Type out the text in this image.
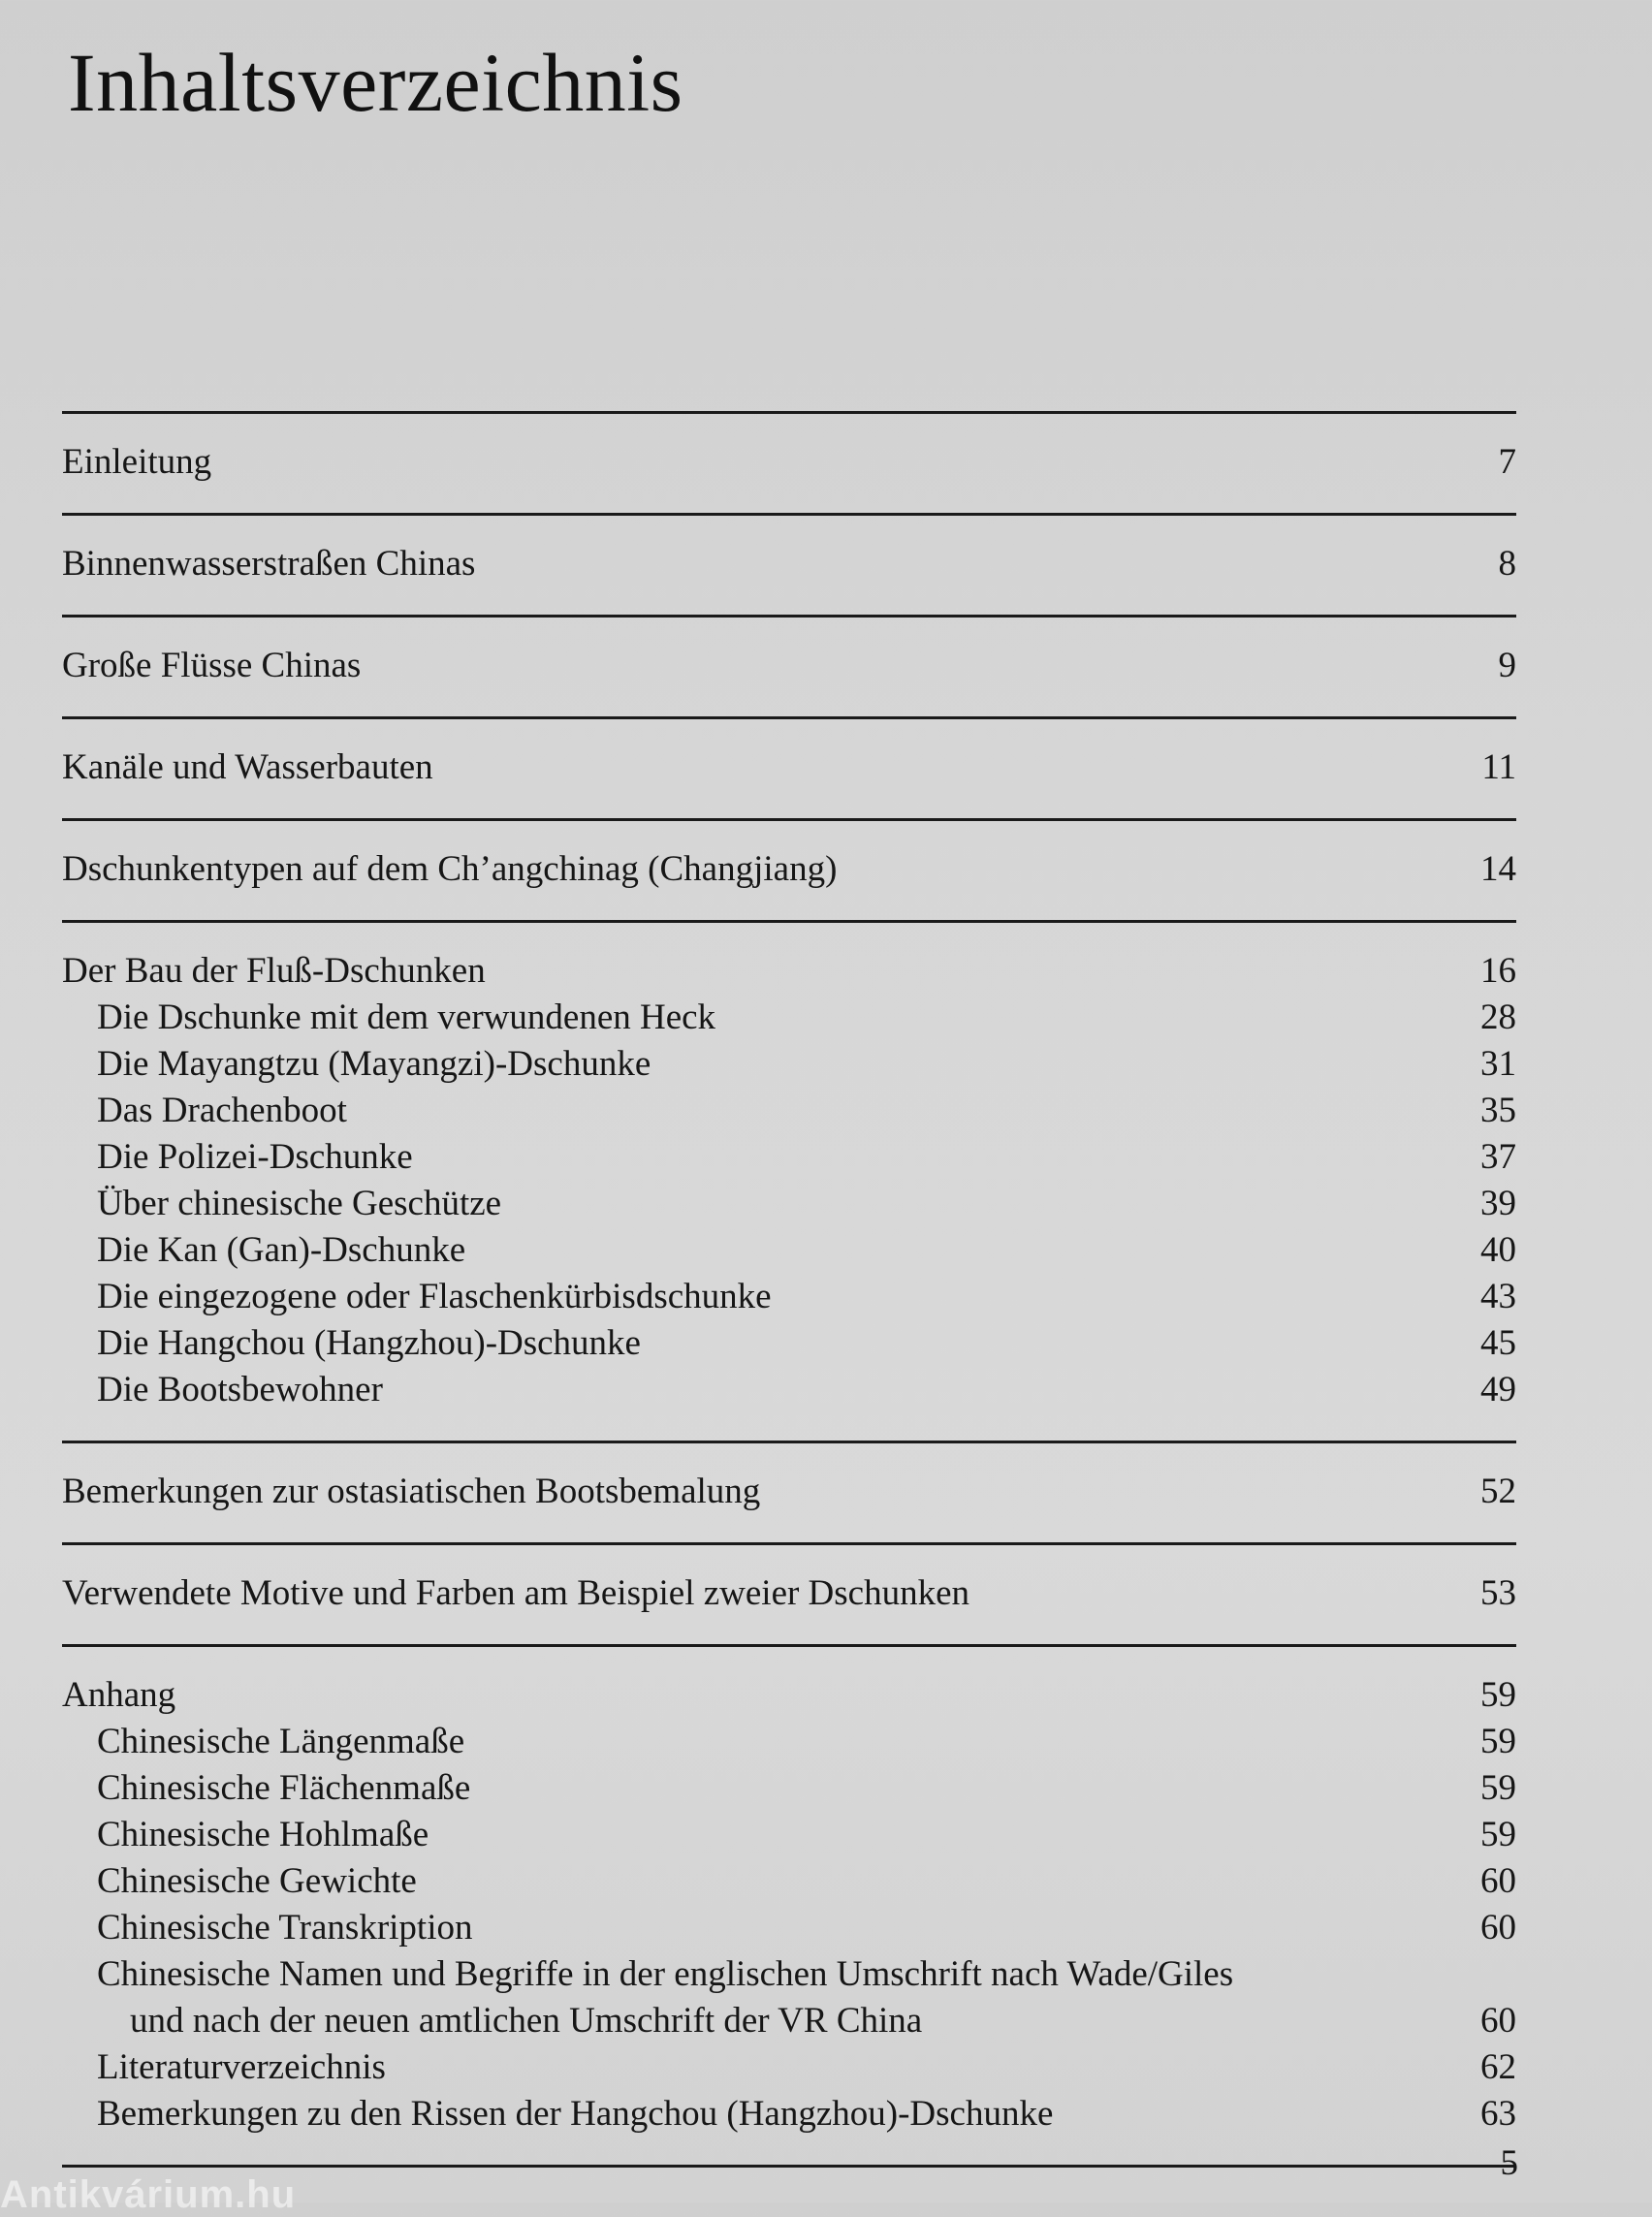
Inhaltsverzeichnis
Einleitung	7
Binnenwasserstraßen Chinas	8
Große Flüsse Chinas	9
Kanäle und Wasserbauten	11
Dschunkentypen auf dem Ch’angchinag (Changjiang)	14
Der Bau der Fluß-Dschunken	16
Die Dschunke mit dem verwundenen Heck	28
Die Mayangtzu (Mayangzi)-Dschunke	31
Das Drachenboot	35
Die Polizei-Dschunke	37
Über chinesische Geschütze	39
Die Kan (Gan)-Dschunke	40
Die eingezogene oder Flaschenkürbisdschunke	43
Die Hangchou (Hangzhou)-Dschunke	45
Die Bootsbewohner	49
Bemerkungen zur ostasiatischen Bootsbemalung	52
Verwendete Motive und Farben am Beispiel zweier Dschunken	53
Anhang	59
Chinesische Längenmaße	59
Chinesische Flächenmaße	59
Chinesische Hohlmaße	59
Chinesische Gewichte	60
Chinesische Transkription	60
Chinesische Namen und Begriffe in der englischen Umschrift nach Wade/Giles
und nach der neuen amtlichen Umschrift der VR China	60
Literaturverzeichnis	62
Bemerkungen zu den Rissen der Hangchou (Hangzhou)-Dschunke	63
5
Antikvárium.hu
